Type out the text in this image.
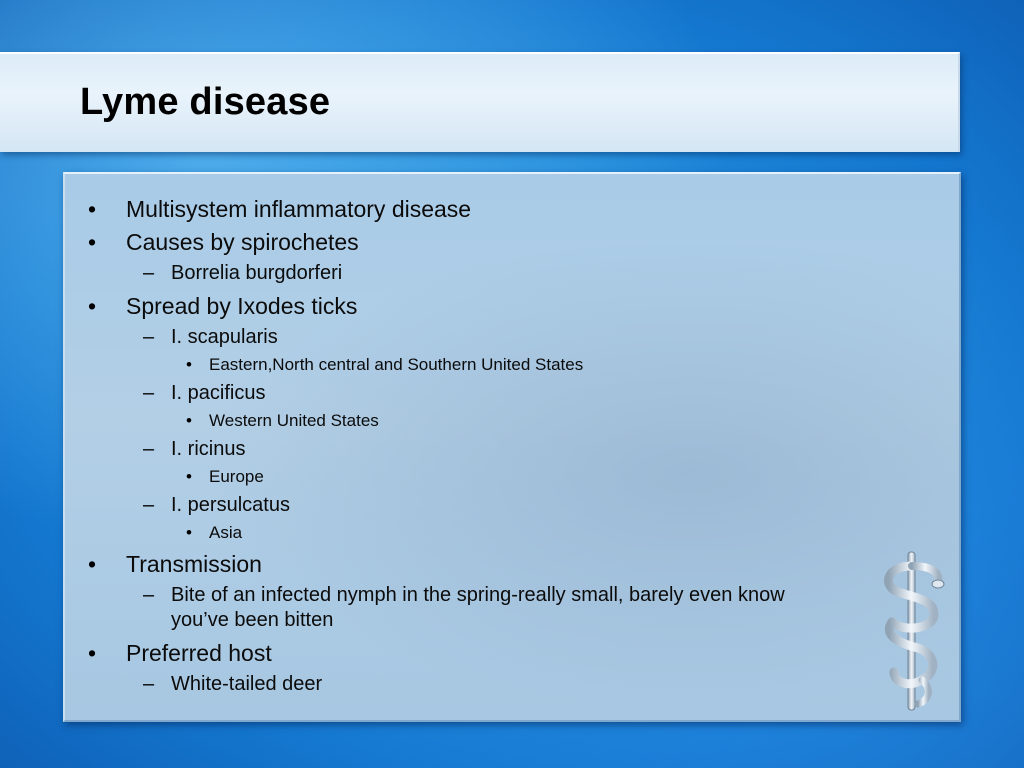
Lyme disease
• Multisystem inflammatory disease
• Causes by spirochetes
– Borrelia burgdorferi
• Spread by Ixodes ticks
– I. scapularis
• Eastern,North central and Southern United States
– I. pacificus
• Western United States
– I. ricinus
• Europe
– I. persulcatus
• Asia
• Transmission
– Bite of an infected nymph in the spring-really small, barely even know
you’ve been bitten
• Preferred host
– White-tailed deer
